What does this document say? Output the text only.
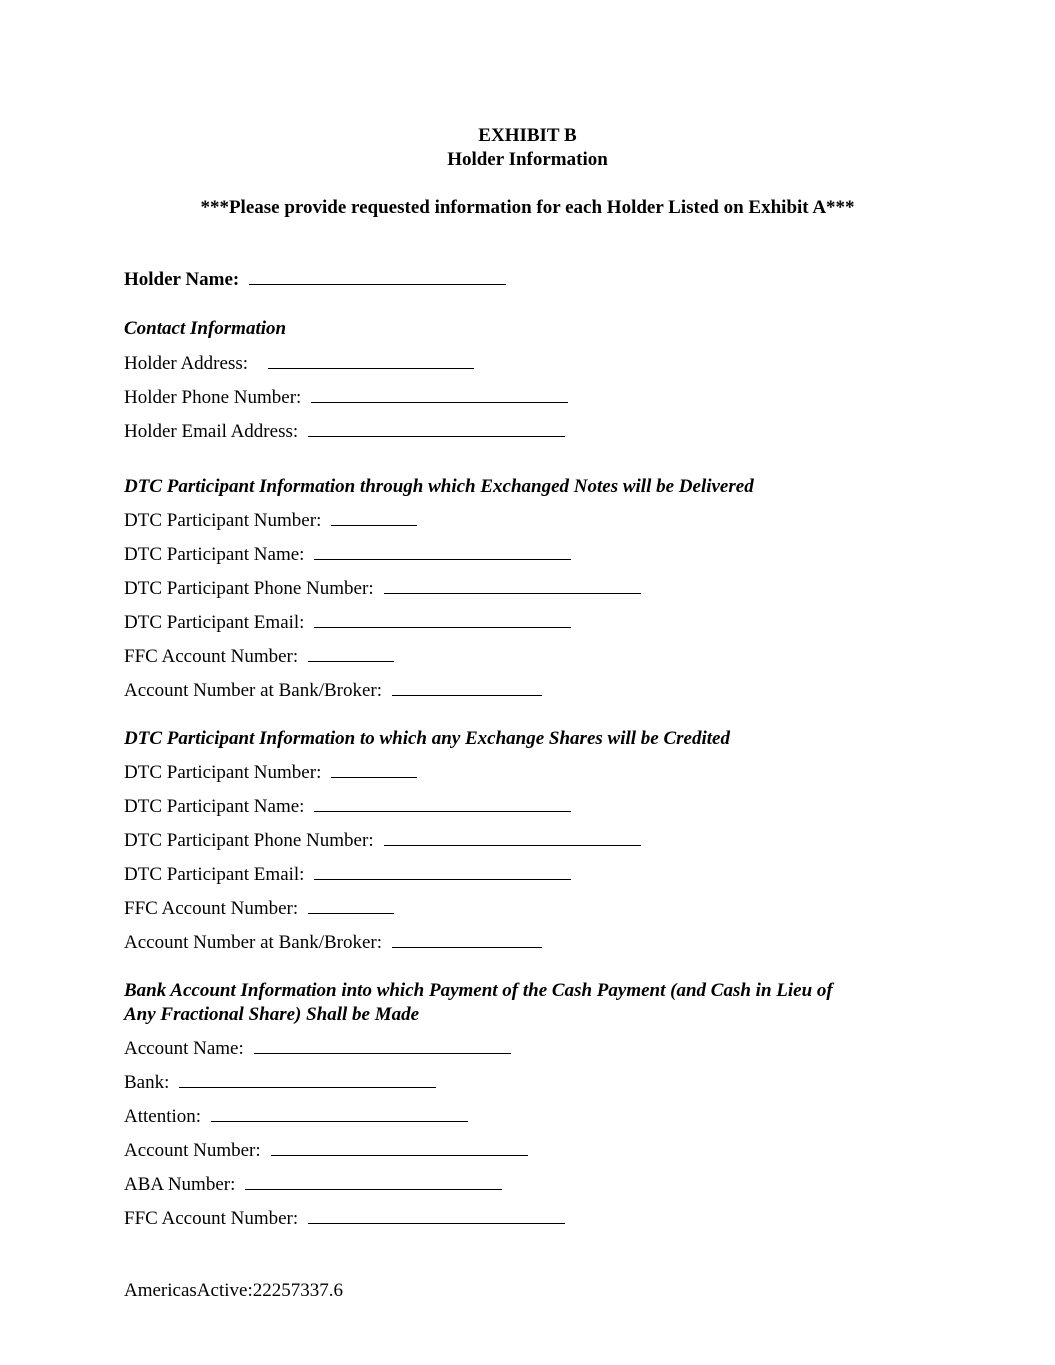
EXHIBIT B
Holder Information
***Please provide requested information for each Holder Listed on Exhibit A***
Holder Name:
Contact Information
Holder Address:
Holder Phone Number:
Holder Email Address:
DTC Participant Information through which Exchanged Notes will be Delivered
DTC Participant Number:
DTC Participant Name:
DTC Participant Phone Number:
DTC Participant Email:
FFC Account Number:
Account Number at Bank/Broker:
DTC Participant Information to which any Exchange Shares will be Credited
DTC Participant Number:
DTC Participant Name:
DTC Participant Phone Number:
DTC Participant Email:
FFC Account Number:
Account Number at Bank/Broker:
Bank Account Information into which Payment of the Cash Payment (and Cash in Lieu of
Any Fractional Share) Shall be Made
Account Name:
Bank:
Attention:
Account Number:
ABA Number:
FFC Account Number:
AmericasActive:22257337.6
